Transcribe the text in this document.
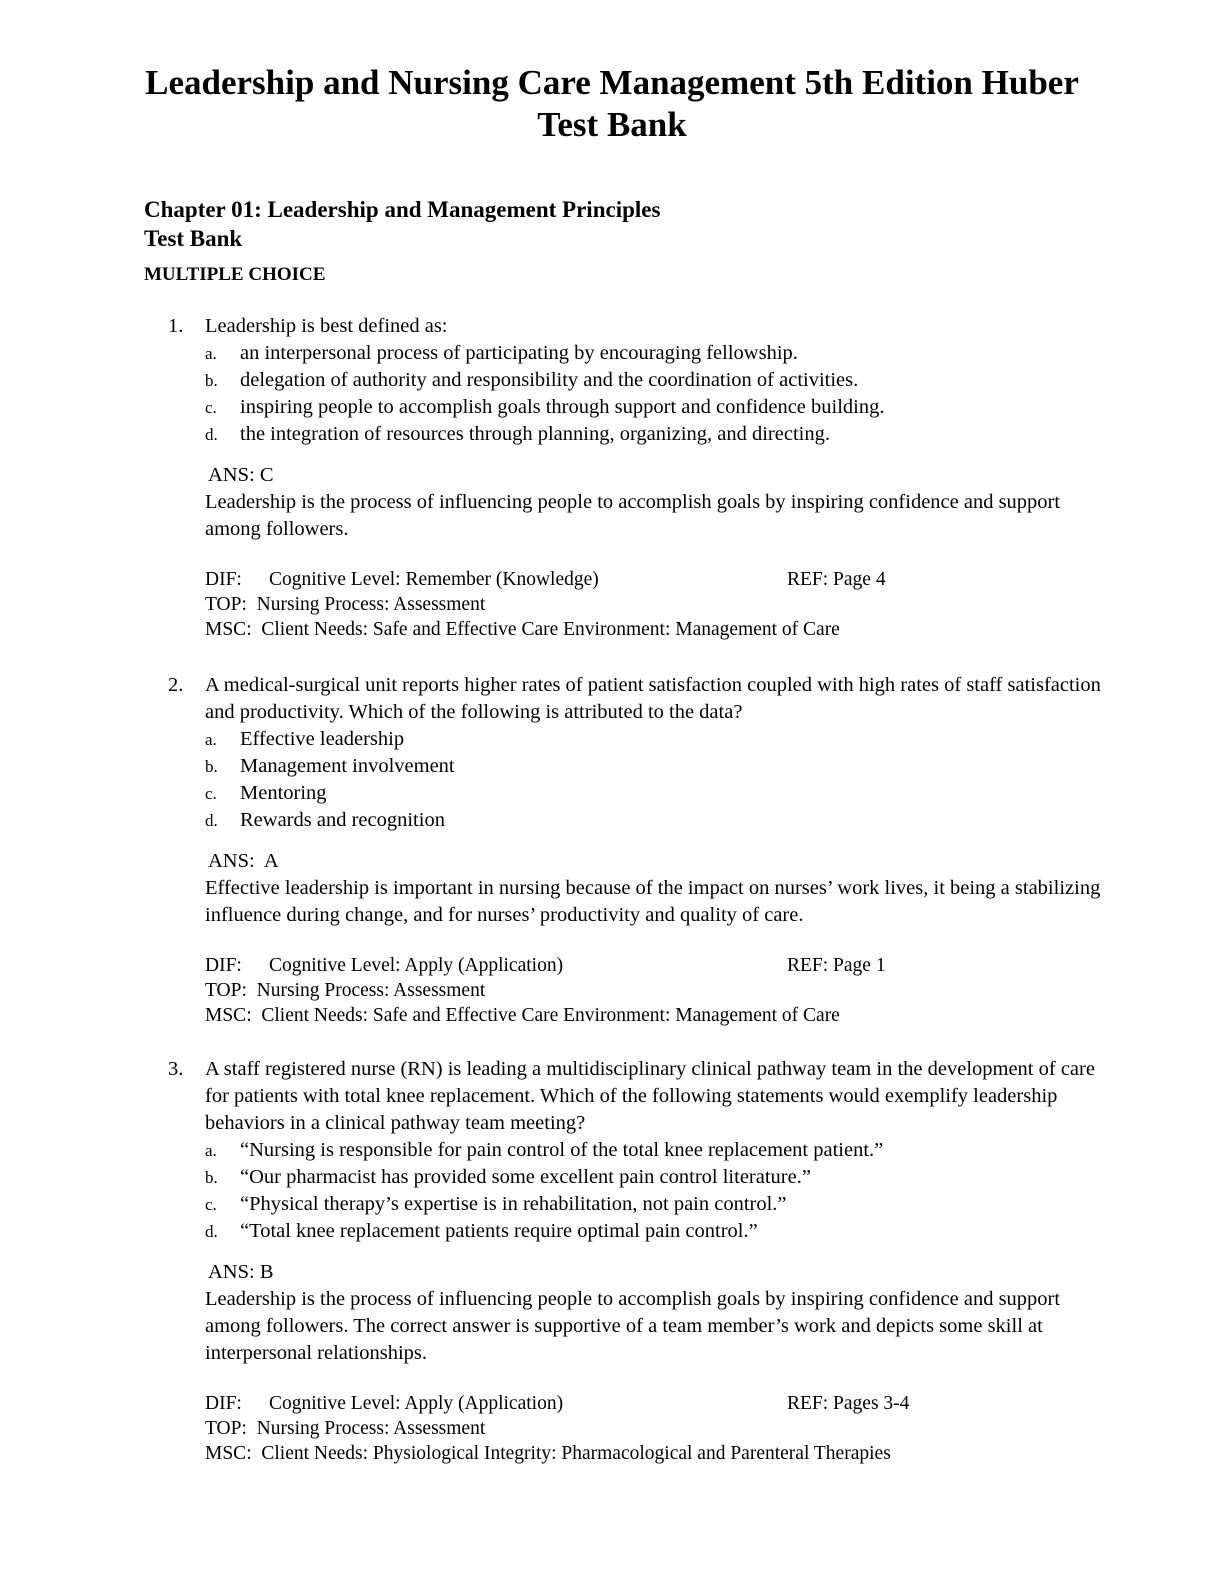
Leadership and Nursing Care Management 5th Edition Huber
Test Bank
Chapter 01: Leadership and Management Principles
Test Bank
MULTIPLE CHOICE
1. Leadership is best defined as:
a. an interpersonal process of participating by encouraging fellowship.
b. delegation of authority and responsibility and the coordination of activities.
c. inspiring people to accomplish goals through support and confidence building.
d. the integration of resources through planning, organizing, and directing.
ANS: C
Leadership is the process of influencing people to accomplish goals by inspiring confidence and support among followers.
DIF: Cognitive Level: Remember (Knowledge)	REF: Page 4
TOP: Nursing Process: Assessment
MSC: Client Needs: Safe and Effective Care Environment: Management of Care
2. A medical-surgical unit reports higher rates of patient satisfaction coupled with high rates of staff satisfaction and productivity. Which of the following is attributed to the data?
a. Effective leadership
b. Management involvement
c. Mentoring
d. Rewards and recognition
ANS:  A
Effective leadership is important in nursing because of the impact on nurses’ work lives, it being a stabilizing influence during change, and for nurses’ productivity and quality of care.
DIF: Cognitive Level: Apply (Application)	REF: Page 1
TOP: Nursing Process: Assessment
MSC: Client Needs: Safe and Effective Care Environment: Management of Care
3. A staff registered nurse (RN) is leading a multidisciplinary clinical pathway team in the development of care for patients with total knee replacement. Which of the following statements would exemplify leadership behaviors in a clinical pathway team meeting?
a. “Nursing is responsible for pain control of the total knee replacement patient.”
b. “Our pharmacist has provided some excellent pain control literature.”
c. “Physical therapy’s expertise is in rehabilitation, not pain control.”
d. “Total knee replacement patients require optimal pain control.”
ANS: B
Leadership is the process of influencing people to accomplish goals by inspiring confidence and support among followers. The correct answer is supportive of a team member’s work and depicts some skill at interpersonal relationships.
DIF: Cognitive Level: Apply (Application)	REF: Pages 3-4
TOP: Nursing Process: Assessment
MSC: Client Needs: Physiological Integrity: Pharmacological and Parenteral Therapies
